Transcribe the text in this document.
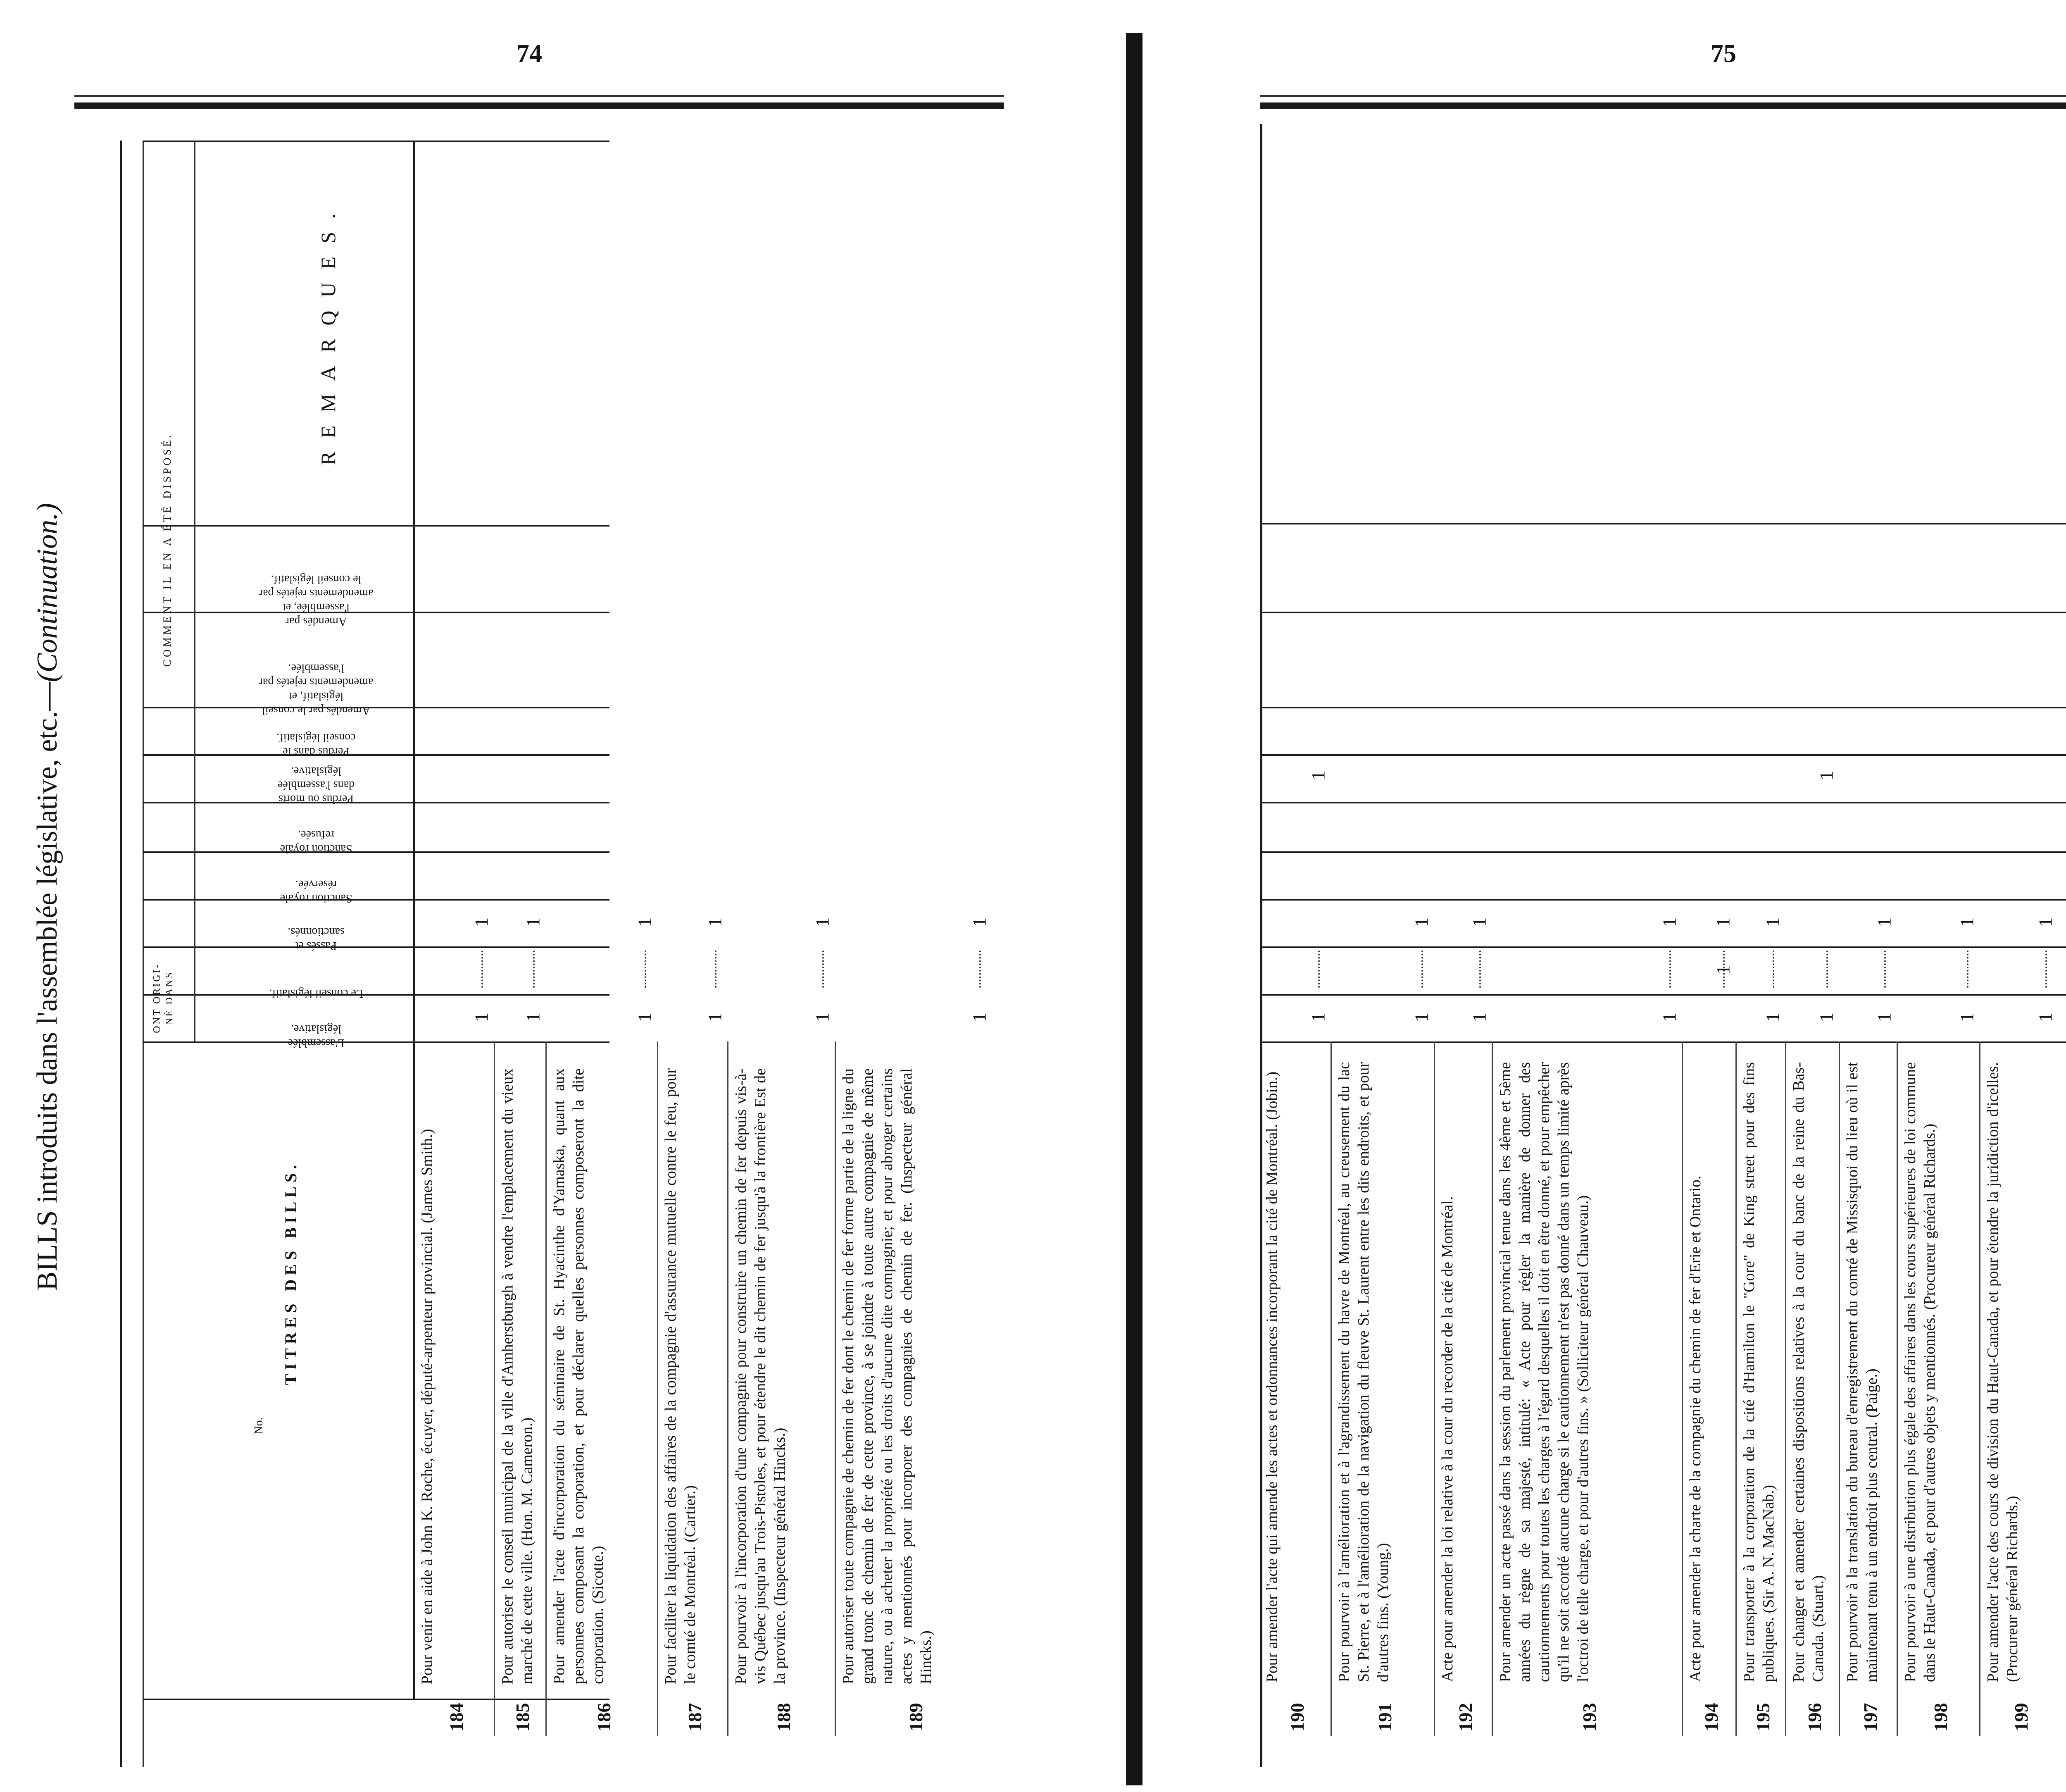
74	75
BILLS introduits dans l'assemblée législative, etc.—(Continuation.)
No.
TITRES DES BILLS.
ONT ORIGI- NÉ DANS
L'assemblée législative.
Le conseil législatif.
Passés et sanctionnés.
Sanction royale réservée.
Sanction royale refusée.
Perdus ou morts dans l'assemblée législative.
Perdus dans le conseil législatif.
Amendés par le conseil législatif, et amendements rejetés par l'assemblée.
Amendés par l'assemblée, et amendements rejetés par le conseil législatif.
COMMENT IL EN A ÉTÉ DISPOSÉ.
REMARQUES.
184
Pour venir en aide à John K. Roche, écuyer, député-arpenteur provincial. (James Smith.)
1
1
185
Pour autoriser le conseil municipal de la ville d'Amherstburgh à vendre l'emplacement du vieux marché de cette ville. (Hon. M. Cameron.)
1
1
186
Pour amender l'acte d'incorporation du séminaire de St. Hyacinthe d'Yamaska, quant aux personnes composant la corporation, et pour déclarer quelles personnes composeront la dite corporation. (Sicotte.)
1
1
187
Pour faciliter la liquidation des affaires de la compagnie d'assurance mutuelle contre le feu, pour le comté de Montréal. (Cartier.)
1
1
188
Pour pourvoir à l'incorporation d'une compagnie pour construire un chemin de fer depuis vis-à-vis Québec jusqu'au Trois-Pistoles, et pour étendre le dit chemin de fer jusqu'à la frontière Est de la province. (Inspecteur général Hincks.)
1
1
189
Pour autoriser toute compagnie de chemin de fer dont le chemin de fer forme partie de la ligne du grand tronc de chemin de fer de cette province, à se joindre à toute autre compagnie de même nature, ou à acheter la propriété ou les droits d'aucune dite compagnie; et pour abroger certains actes y mentionnés pour incorporer des compagnies de chemin de fer. (Inspecteur général Hincks.)
1
1
190
Pour amender l'acte qui amende les actes et ordonnances incorporant la cité de Montréal. (Jobin.)
1
1
191
Pour pourvoir à l'amélioration et à l'agrandissement du havre de Montréal, au creusement du lac St. Pierre, et à l'amélioration de la navigation du fleuve St. Laurent entre les dits endroits, et pour d'autres fins. (Young.)
1
1
192
Acte pour amender la loi relative à la cour du recorder de la cité de Montréal.
1
1
193
Pour amender un acte passé dans la session du parlement provincial tenue dans les 4ème et 5ème années du règne de sa majesté, intitulé: « Acte pour régler la manière de donner des cautionnements pour toutes les charges à l'égard desquelles il doit en être donné, et pour empêcher qu'il ne soit accordé aucune charge si le cautionnement n'est pas donné dans un temps limité après l'octroi de telle charge, et pour d'autres fins. » (Solliciteur général Chauveau.)
1
1
194
Acte pour amender la charte de la compagnie du chemin de fer d'Erie et Ontario.
1
1
195
Pour transporter à la corporation de la cité d'Hamilton le "Gore" de King street pour des fins publiques. (Sir A. N. MacNab.)
1
1
196
Pour changer et amender certaines dispositions relatives à la cour du banc de la reine du Bas-Canada. (Stuart.)
1
1
197
Pour pourvoir à la translation du bureau d'enregistrement du comté de Missisquoi du lieu où il est maintenant tenu à un endroit plus central. (Paige.)
1
1
198
Pour pourvoir à une distribution plus égale des affaires dans les cours supérieures de loi commune dans le Haut-Canada, et pour d'autres objets y mentionnés. (Procureur général Richards.)
1
1
199
Pour amender l'acte des cours de division du Haut-Canada, et pour étendre la juridiction d'icelles. (Procureur général Richards.)
1
1
